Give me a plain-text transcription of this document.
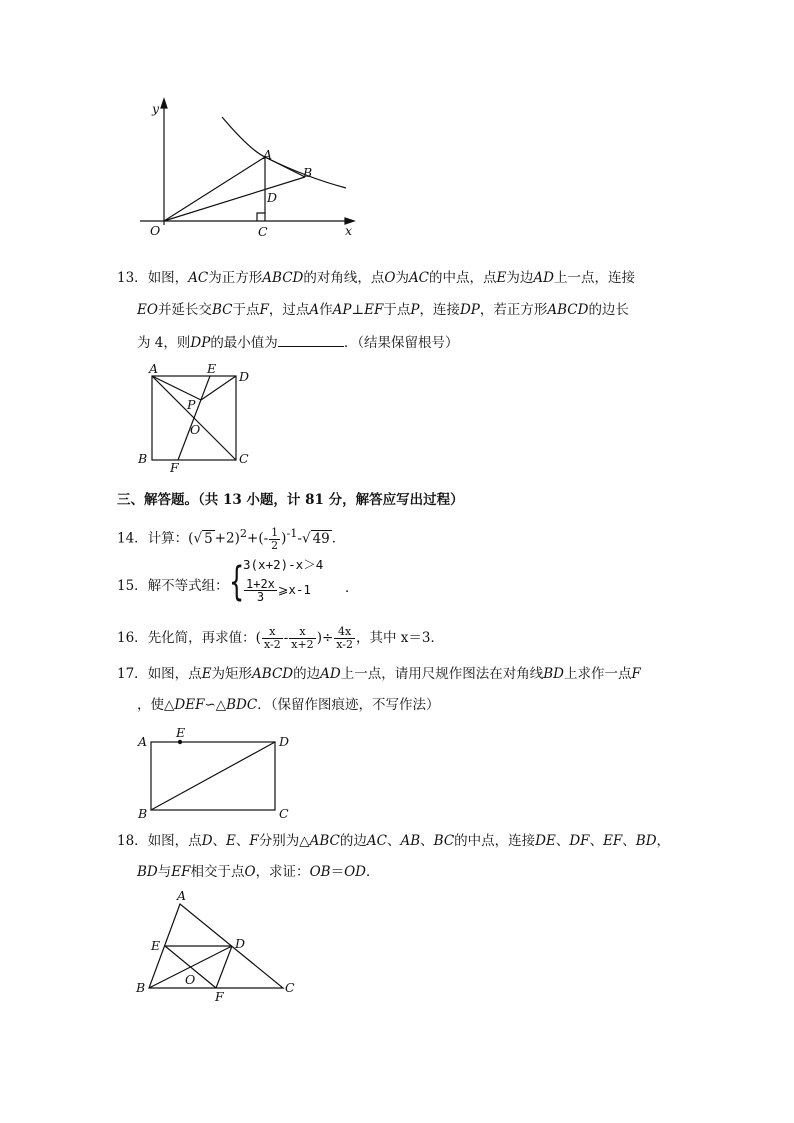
y
x
O
A
B
C
D
13．如图，AC为正方形ABCD的对角线，点O为AC的中点，点E为边AD上一点，连接
EO并延长交BC于点F，过点A作AP⊥EF于点P，连接DP，若正方形ABCD的边长
为 4，则DP的最小值为	．（结果保留根号）
A	E
D
P
O
B
F
C
三、解答题。（共 13 小题，计 81 分，解答应写出过程）
14．计算：(√ $5 +2)^2+(- \frac{1}{2} )^{-1}-√$ 49 ．
15．解不等式组： {
3(x+2)-x＞4
$\frac{1+2x}{3}$ ⩾x-1	．
16．先化简，再求值：( $\frac{x}{x-2} - \frac{x}{x+2}$ )÷ $\frac{4x}{x-2}$ ，其中 x＝3．
17．如图，点E为矩形ABCD的边AD上一点，请用尺规作图法在对角线BD上求作一点F
，使△DEF∽△BDC．（保留作图痕迹，不写作法）
A
E
D
B	C
18．如图，点D、E、F分别为△ABC的边AC、AB、BC的中点，连接DE、DF、EF、BD，
BD与EF相交于点O，求证：OB＝OD．
A
E	D
O
B
F
C
